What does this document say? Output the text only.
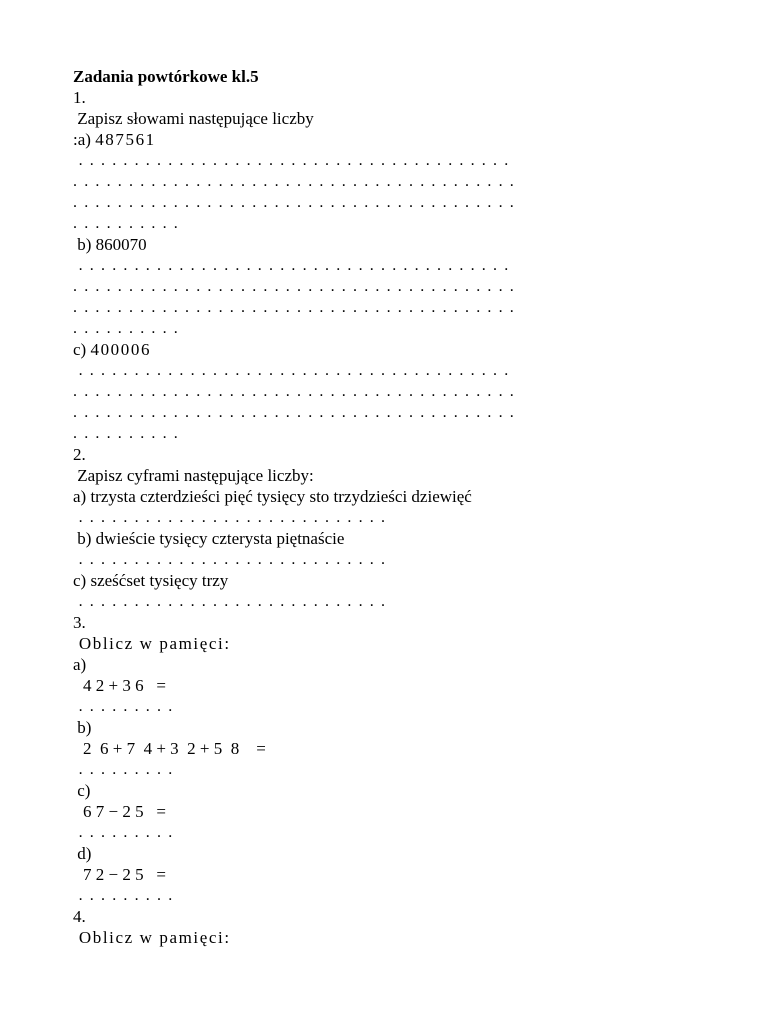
Zadania powtórkowe kl.5
1.
Zapisz słowami następujące liczby
:a) 487561
. . . . . . . . . . . . . . . . . . . . . . . . . . . . . . . . . . . . . . .
. . . . . . . . . . . . . . . . . . . . . . . . . . . . . . . . . . . . . . . .
. . . . . . . . . . . . . . . . . . . . . . . . . . . . . . . . . . . . . . . .
. . . . . . . . . .
b) 860070
. . . . . . . . . . . . . . . . . . . . . . . . . . . . . . . . . . . . . . .
. . . . . . . . . . . . . . . . . . . . . . . . . . . . . . . . . . . . . . . .
. . . . . . . . . . . . . . . . . . . . . . . . . . . . . . . . . . . . . . . .
. . . . . . . . . .
c) 400006
. . . . . . . . . . . . . . . . . . . . . . . . . . . . . . . . . . . . . . .
. . . . . . . . . . . . . . . . . . . . . . . . . . . . . . . . . . . . . . . .
. . . . . . . . . . . . . . . . . . . . . . . . . . . . . . . . . . . . . . . .
. . . . . . . . . .
2.
Zapisz cyframi następujące liczby:
a) trzysta czterdzieści pięć tysięcy sto trzydzieści dziewięć
. . . . . . . . . . . . . . . . . . . . . . . . . . . .
b) dwieście tysięcy czterysta piętnaście
. . . . . . . . . . . . . . . . . . . . . . . . . . . .
c) sześćset tysięcy trzy
. . . . . . . . . . . . . . . . . . . . . . . . . . . .
3.
Oblicz w pamięci:
a)
4 2 + 3 6   =
. . . . . . . . .
b)
2  6 + 7  4 + 3  2 + 5  8    =
. . . . . . . . .
c)
6 7 − 2 5   =
. . . . . . . . .
d)
7 2 − 2 5   =
. . . . . . . . .
4.
Oblicz w pamięci:
